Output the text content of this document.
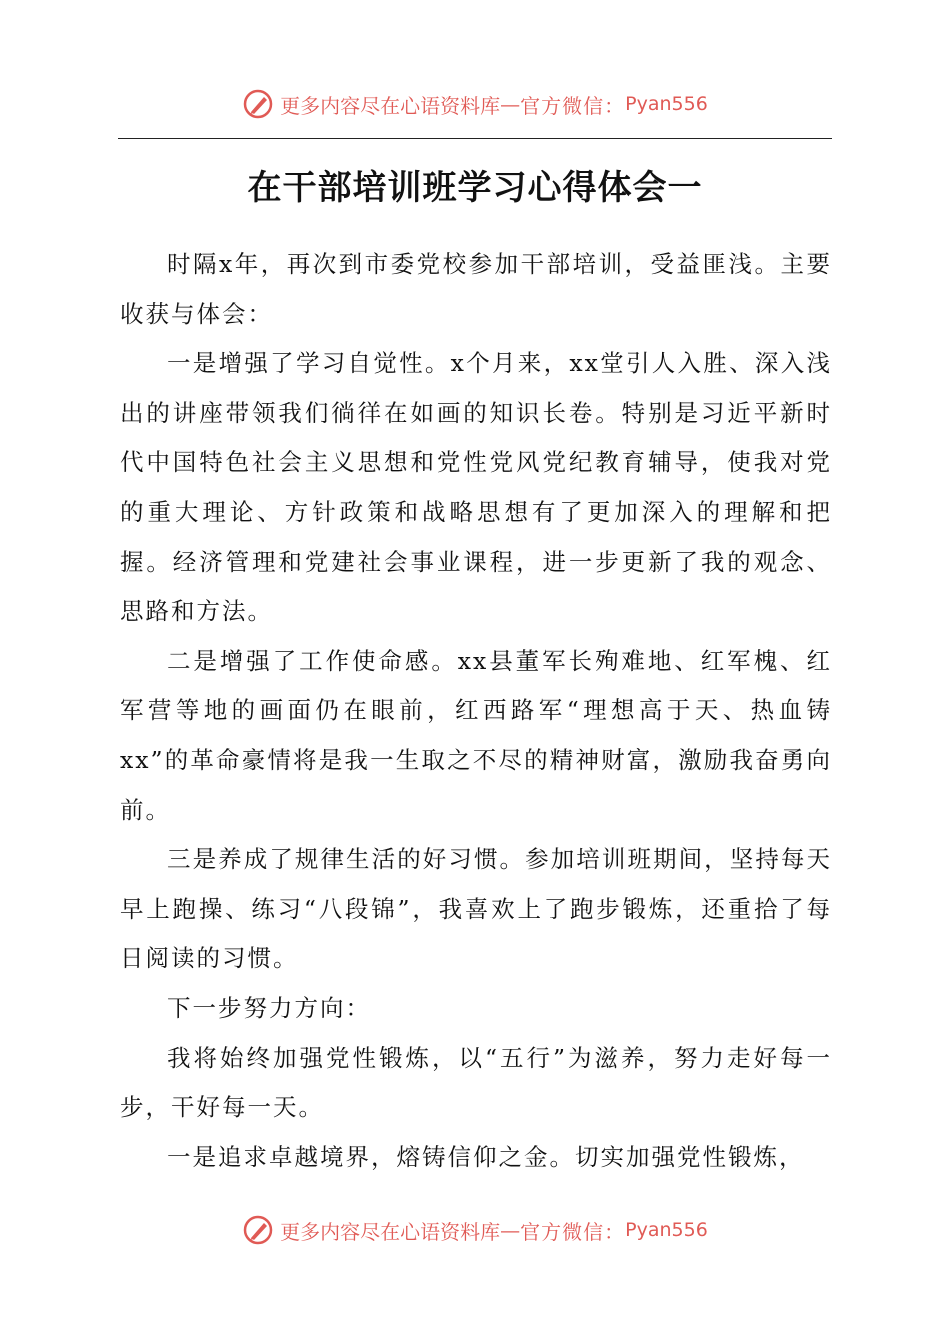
更多内容尽在心语资料库 — 官方微信： Pyan556
在干部培训班学习心得体会一

时隔x年，再次到市委党校参加干部培训，受益匪浅。主要收获与体会：

一是增强了学习自觉性。x个月来，xx堂引人入胜、深入浅出的讲座带领我们徜徉在如画的知识长卷。特别是习近平新时代中国特色社会主义思想和党性党风党纪教育辅导，使我对党的重大理论、方针政策和战略思想有了更加深入的理解和把握。经济管理和党建社会事业课程，进一步更新了我的观念、思路和方法。

二是增强了工作使命感。xx县董军长殉难地、红军槐、红军营等地的画面仍在眼前，红西路军“理想高于天、热血铸xx”的革命豪情将是我一生取之不尽的精神财富，激励我奋勇向前。

三是养成了规律生活的好习惯。参加培训班期间，坚持每天早上跑操、练习“八段锦”，我喜欢上了跑步锻炼，还重拾了每日阅读的习惯。

下一步努力方向：

我将始终加强党性锻炼，以“五行”为滋养，努力走好每一步，干好每一天。

一是追求卓越境界，熔铸信仰之金。切实加强党性锻炼，

更多内容尽在心语资料库 — 官方微信： Pyan556
